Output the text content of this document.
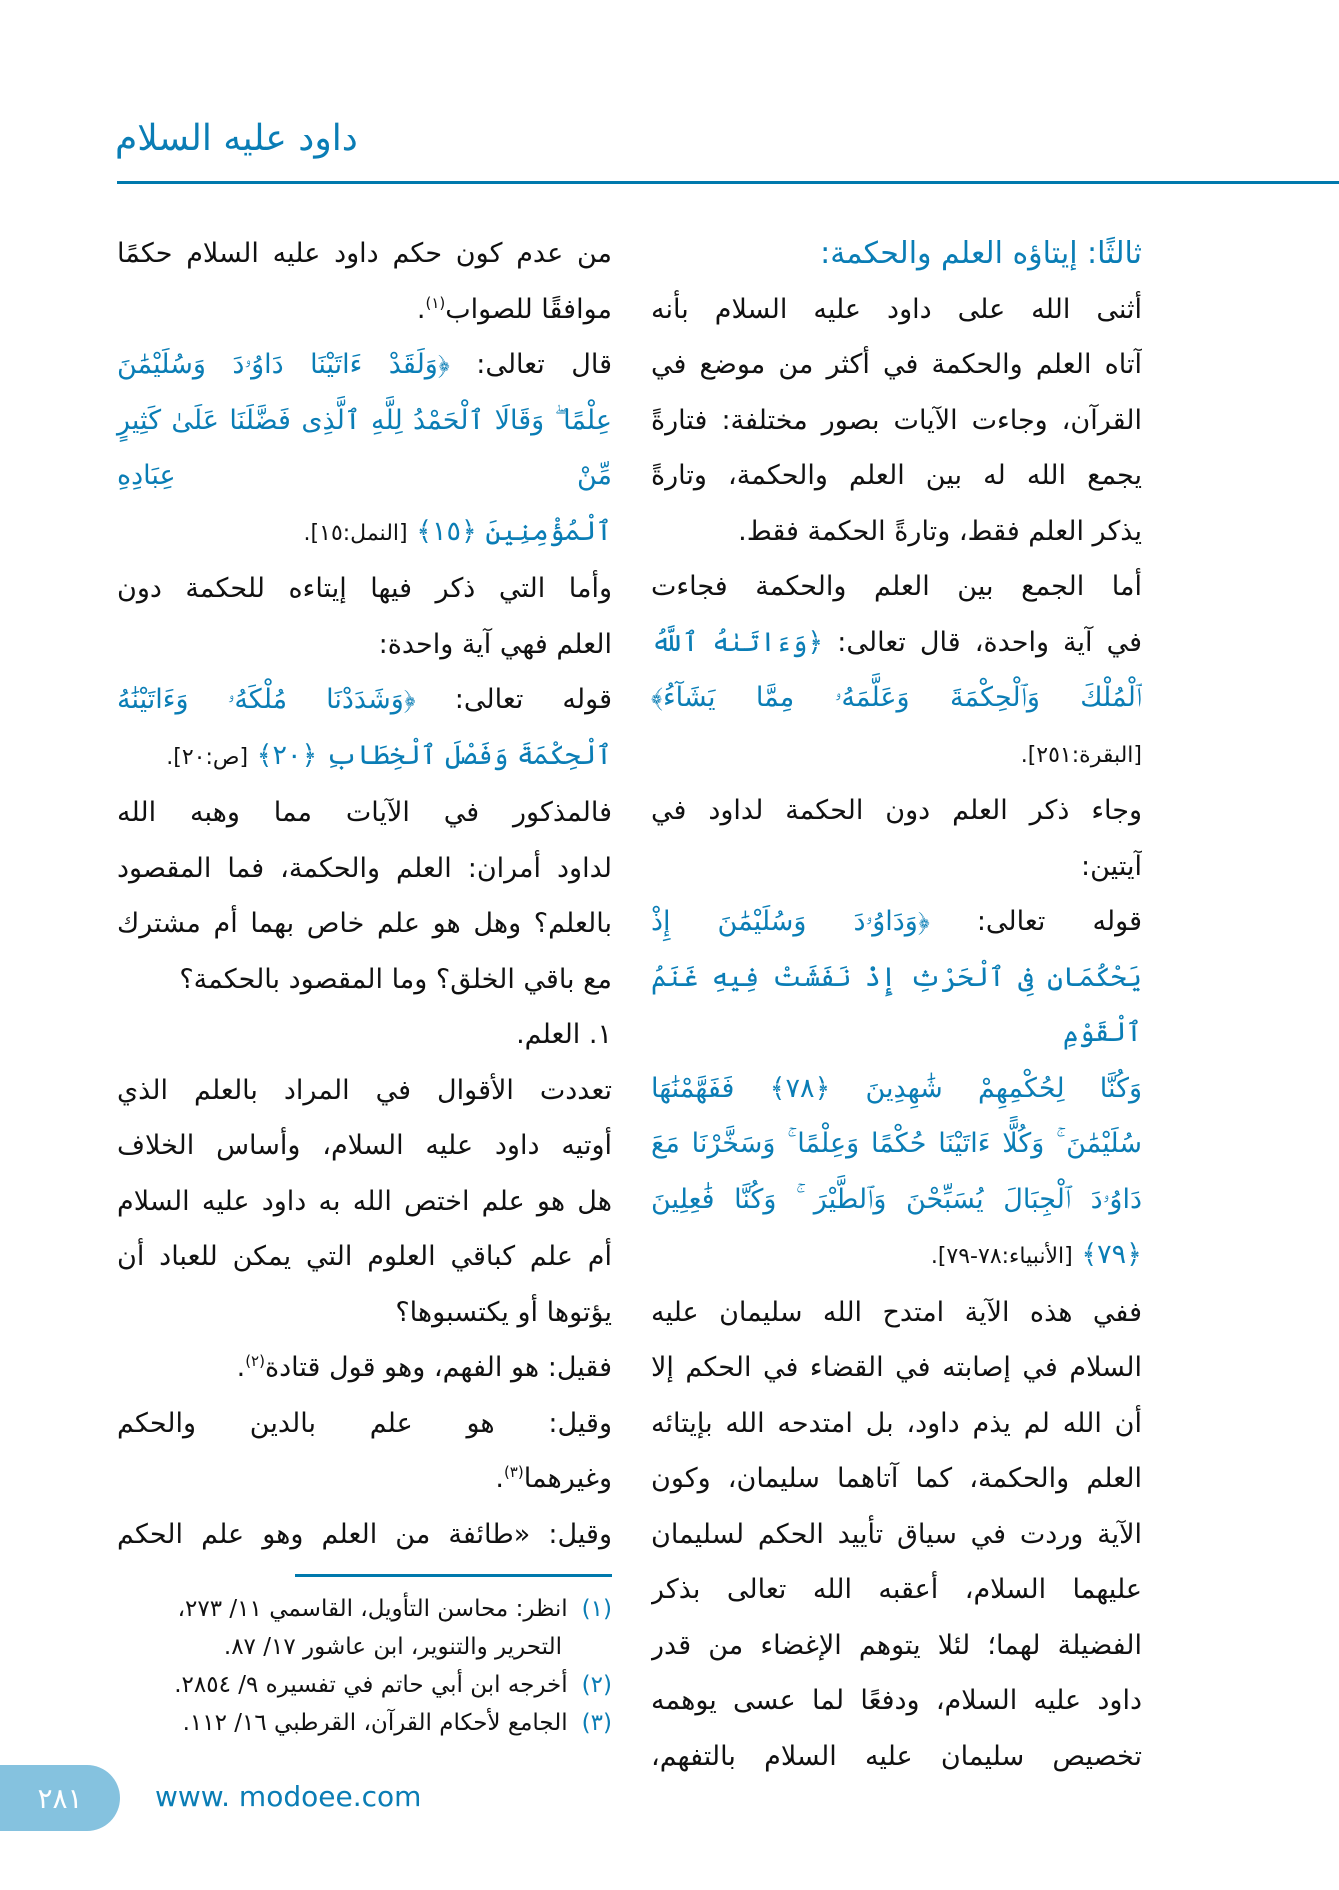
داود عليه السلام
ثالثًا: إيتاؤه العلم والحكمة:
أثنى الله على داود عليه السلام بأنه
آتاه العلم والحكمة في أكثر من موضع في
القرآن، وجاءت الآيات بصور مختلفة: فتارةً
يجمع الله له بين العلم والحكمة، وتارةً
يذكر العلم فقط، وتارةً الحكمة فقط.
أما الجمع بين العلم والحكمة فجاءت
في آية واحدة، قال تعالى: ﴿وَءَاتَىٰهُ ٱللَّهُ
ٱلْمُلْكَ وَٱلْحِكْمَةَ وَعَلَّمَهُۥ مِمَّا يَشَآءُ﴾
[البقرة:٢٥١].
وجاء ذكر العلم دون الحكمة لداود في
آيتين:
قوله تعالى: ﴿وَدَاوُۥدَ وَسُلَيْمَٰنَ إِذْ
يَحْكُمَانِ فِى ٱلْحَرْثِ إِذْ نَفَشَتْ فِيهِ غَنَمُ ٱلْقَوْمِ
وَكُنَّا لِحُكْمِهِمْ شَٰهِدِينَ ﴿٧٨﴾ فَفَهَّمْنَٰهَا
سُلَيْمَٰنَ ۚ وَكُلًّا ءَاتَيْنَا حُكْمًا وَعِلْمًا ۚ وَسَخَّرْنَا مَعَ
دَاوُۥدَ ٱلْجِبَالَ يُسَبِّحْنَ وَٱلطَّيْرَ ۚ وَكُنَّا فَٰعِلِينَ
﴿٧٩﴾ [الأنبياء:٧٨-٧٩].
ففي هذه الآية امتدح الله سليمان عليه
السلام في إصابته في القضاء في الحكم إلا
أن الله لم يذم داود، بل امتدحه الله بإيتائه
العلم والحكمة، كما آتاهما سليمان، وكون
الآية وردت في سياق تأييد الحكم لسليمان
عليهما السلام، أعقبه الله تعالى بذكر
الفضيلة لهما؛ لئلا يتوهم الإغضاء من قدر
داود عليه السلام، ودفعًا لما عسى يوهمه
تخصيص سليمان عليه السلام بالتفهم،
من عدم كون حكم داود عليه السلام حكمًا
موافقًا للصواب$^{(١)}$.
قال تعالى: ﴿وَلَقَدْ ءَاتَيْنَا دَاوُۥدَ وَسُلَيْمَٰنَ
عِلْمًا ۖ وَقَالَا ٱلْحَمْدُ لِلَّهِ ٱلَّذِى فَضَّلَنَا عَلَىٰ كَثِيرٍ مِّنْ عِبَادِهِ
ٱلْمُؤْمِنِينَ ﴿١٥﴾ [النمل:١٥].
وأما التي ذكر فيها إيتاءه للحكمة دون
العلم فهي آية واحدة:
قوله تعالى: ﴿وَشَدَدْنَا مُلْكَهُۥ وَءَاتَيْنَٰهُ
ٱلْحِكْمَةَ وَفَصْلَ ٱلْخِطَابِ ﴿٢٠﴾ [ص:٢٠].
فالمذكور في الآيات مما وهبه الله
لداود أمران: العلم والحكمة، فما المقصود
بالعلم؟ وهل هو علم خاص بهما أم مشترك
مع باقي الخلق؟ وما المقصود بالحكمة؟
١. العلم.
تعددت الأقوال في المراد بالعلم الذي
أوتيه داود عليه السلام، وأساس الخلاف
هل هو علم اختص الله به داود عليه السلام
أم علم كباقي العلوم التي يمكن للعباد أن
يؤتوها أو يكتسبوها؟
فقيل: هو الفهم، وهو قول قتادة$^{(٢)}$.
وقيل: هو علم بالدين والحكم
وغيرهما$^{(٣)}$.
وقيل: «طائفة من العلم وهو علم الحكم
(١)انظر: محاسن التأويل، القاسمي ١١/ ٢٧٣،
التحرير والتنوير، ابن عاشور ١٧/ ٨٧.
(٢)أخرجه ابن أبي حاتم في تفسيره ٩/ ٢٨٥٤.
(٣)الجامع لأحكام القرآن، القرطبي ١٦/ ١١٢.
٢٨١	www. modoee.com
